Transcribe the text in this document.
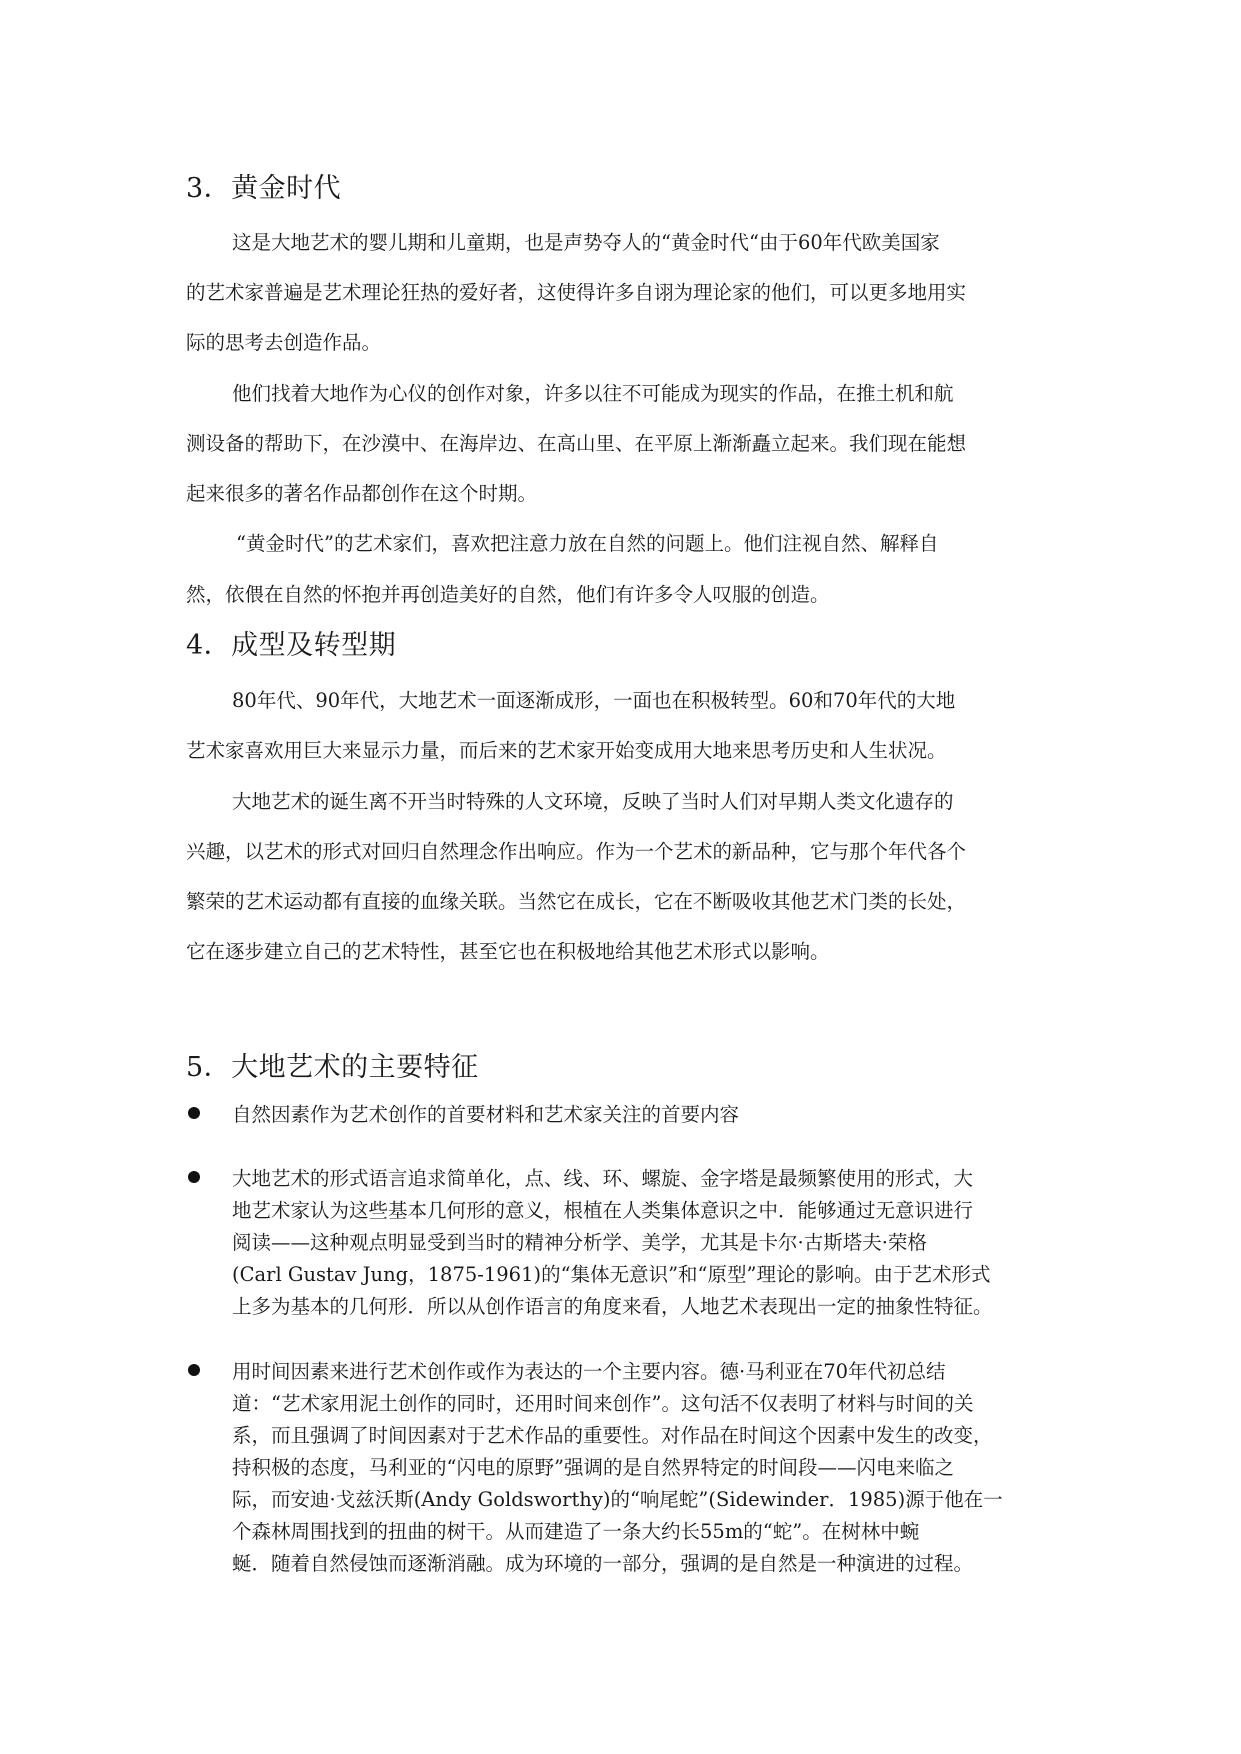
3．黄金时代
这是大地艺术的婴儿期和儿童期，也是声势夺人的“黄金时代“由于60年代欧美国家
的艺术家普遍是艺术理论狂热的爱好者，这使得许多自诩为理论家的他们，可以更多地用实
际的思考去创造作品。
他们找着大地作为心仪的创作对象，许多以往不可能成为现实的作品，在推土机和航
测设备的帮助下，在沙漠中、在海岸边、在高山里、在平原上渐渐矗立起来。我们现在能想
起来很多的著名作品都创作在这个时期。
“黄金时代”的艺术家们，喜欢把注意力放在自然的问题上。他们注视自然、解释自
然，依偎在自然的怀抱并再创造美好的自然，他们有许多令人叹服的创造。
4．成型及转型期
80年代、90年代，大地艺术一面逐渐成形，一面也在积极转型。60和70年代的大地
艺术家喜欢用巨大来显示力量，而后来的艺术家开始变成用大地来思考历史和人生状况。
大地艺术的诞生离不开当时特殊的人文环境，反映了当时人们对早期人类文化遗存的
兴趣，以艺术的形式对回归自然理念作出响应。作为一个艺术的新品种，它与那个年代各个
繁荣的艺术运动都有直接的血缘关联。当然它在成长，它在不断吸收其他艺术门类的长处，
它在逐步建立自己的艺术特性，甚至它也在积极地给其他艺术形式以影响。
5．大地艺术的主要特征
自然因素作为艺术创作的首要材料和艺术家关注的首要内容
大地艺术的形式语言追求简单化，点、线、环、螺旋、金字塔是最频繁使用的形式，大
地艺术家认为这些基本几何形的意义，根植在人类集体意识之中．能够通过无意识进行
阅读——这种观点明显受到当时的精神分析学、美学，尤其是卡尔·古斯塔夫·荣格
(Carl Gustav Jung，1875-1961)的“集体无意识”和“原型”理论的影响。由于艺术形式
上多为基本的几何形．所以从创作语言的角度来看，人地艺术表现出一定的抽象性特征。
用时间因素来进行艺术创作或作为表达的一个主要内容。德·马利亚在70年代初总结
道：“艺术家用泥土创作的同时，还用时间来创作”。这句活不仅表明了材料与时间的关
系，而且强调了时间因素对于艺术作品的重要性。对作品在时间这个因素中发生的改变，
持积极的态度，马利亚的“闪电的原野”强调的是自然界特定的时间段——闪电来临之
际，而安迪·戈兹沃斯(Andy Goldsworthy)的“响尾蛇”(Sidewinder．1985)源于他在一
个森林周围找到的扭曲的树干。从而建造了一条大约长55m的“蛇”。在树林中蜿
蜒．随着自然侵蚀而逐渐消融。成为环境的一部分，强调的是自然是一种演进的过程。
